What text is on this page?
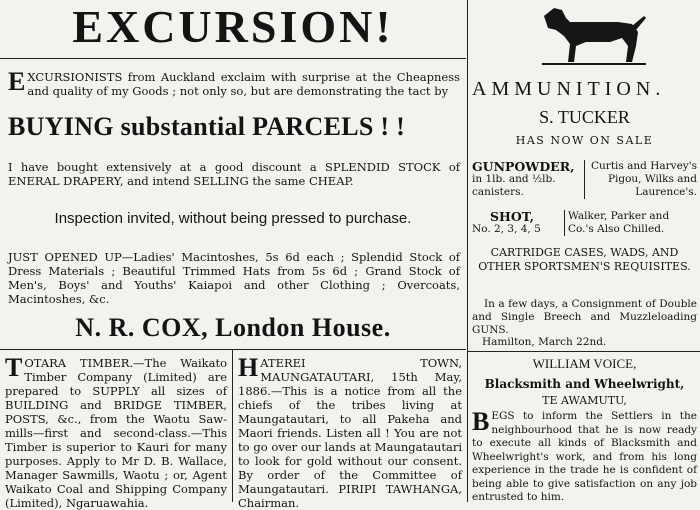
EXCURSION!

EXCURSIONISTS from Auckland exclaim with surprise at the Cheapness and quality of my Goods ; not only so, but are demonstrating the tact by

BUYING substantial PARCELS ! !

I have bought extensively at a good discount a SPLENDID STOCK of ENERAL DRAPERY, and intend SELLING the same CHEAP.

Inspection invited, without being pressed to purchase.

JUST OPENED UP—Ladies' Macintoshes, 5s 6d each ; Splendid Stock of Dress Materials ; Beautiful Trimmed Hats from 5s 6d ; Grand Stock of Men's, Boys' and Youths' Kaiapoi and other Clothing ; Overcoats, Macintoshes, &c.

N. R. COX, London House.

TOTARA TIMBER.—The Waikato Timber Company (Limited) are prepared to SUPPLY all sizes of BUILDING and BRIDGE TIMBER, POSTS, &c., from the Waotu Saw-mills—first and second-class.—This Timber is superior to Kauri for many purposes. Apply to Mr D. B. Wallace, Manager Sawmills, Waotu ; or, Agent Waikato Coal and Shipping Company (Limited), Ngaruawahia.

HATEREI TOWN, MAUNGATAUTARI, 15th May, 1886.—This is a notice from all the chiefs of the tribes living at Maungatautari, to all Pakeha and Maori friends. Listen all ! You are not to go over our lands at Maungatautari to look for gold without our consent. By order of the Committee of Maungatautari. PIRIPI TAWHANGA, Chairman.

AMMUNITION.
S. TUCKER
HAS NOW ON SALE
GUNPOWDER,
in 1lb. and ½lb. canisters.
Curtis and Harvey's Pigou, Wilks and Laurence's.
SHOT,
No. 2, 3, 4, 5
Walker, Parker and Co.'s Also Chilled.
CARTRIDGE CASES, WADS, AND OTHER SPORTSMEN'S REQUISITES.

In a few days, a Consignment of Double and Single Breech and Muzzleloading GUNS.

Hamilton, March 22nd.
WILLIAM VOICE,
Blacksmith and Wheelwright,
TE AWAMUTU,

BEGS to inform the Settlers in the neighbourhood that he is now ready to execute all kinds of Blacksmith and Wheelwright's work, and from his long experience in the trade he is confident of being able to give satisfaction on any job entrusted to him.
